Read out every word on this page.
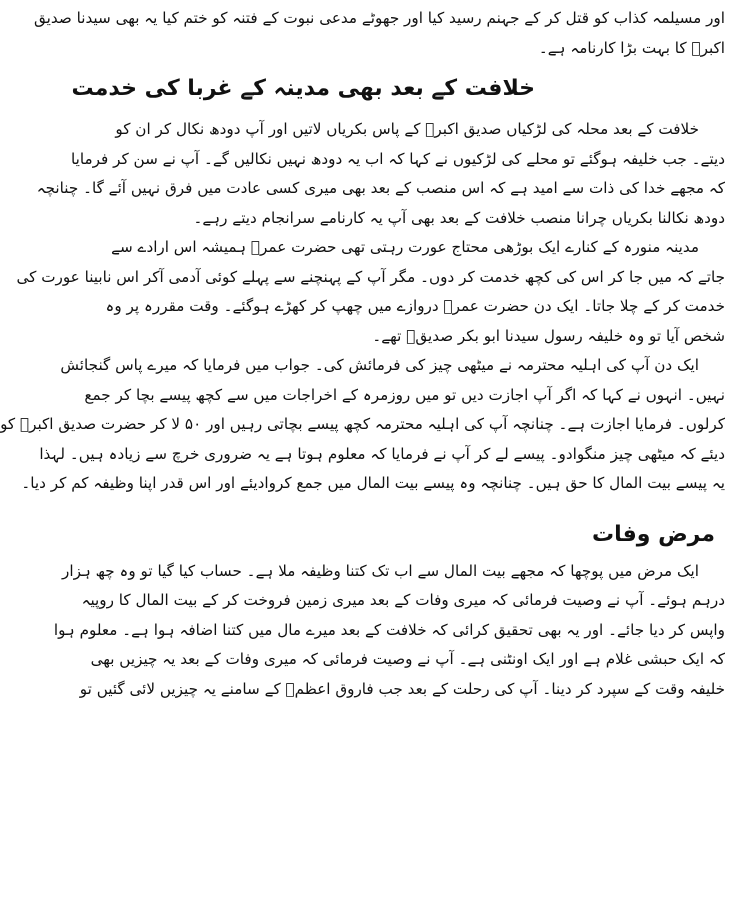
اور مسیلمہ کذاب کو قتل کر کے جہنم رسید کیا اور جھوٹے مدعی نبوت کے فتنہ کو ختم کیا یہ بھی سیدنا صدیق
اکبرؓ کا بہت بڑا کارنامہ ہے۔
خلافت کے بعد بھی مدینہ کے غربا کی خدمت
خلافت کے بعد محلہ کی لڑکیاں صدیق اکبرؓ کے پاس بکریاں لاتیں اور آپ دودھ نکال کر ان کو
دیتے۔ جب خلیفہ ہوگئے تو محلے کی لڑکیوں نے کہا کہ اب یہ دودھ نہیں نکالیں گے۔ آپ نے سن کر فرمایا
کہ مجھے خدا کی ذات سے امید ہے کہ اس منصب کے بعد بھی میری کسی عادت میں فرق نہیں آئے گا۔ چنانچہ
دودھ نکالنا بکریاں چرانا منصب خلافت کے بعد بھی آپ یہ کارنامے سرانجام دیتے رہے۔
مدینہ منورہ کے کنارے ایک بوڑھی محتاج عورت رہتی تھی حضرت عمرؓ ہمیشہ اس ارادے سے
جاتے کہ میں جا کر اس کی کچھ خدمت کر دوں۔ مگر آپ کے پہنچنے سے پہلے کوئی آدمی آکر اس نابینا عورت کی
خدمت کر کے چلا جاتا۔ ایک دن حضرت عمرؓ دروازے میں چھپ کر کھڑے ہوگئے۔ وقت مقررہ پر وہ
شخص آیا تو وہ خلیفہ رسول سیدنا ابو بکر صدیقؓ تھے۔
ایک دن آپ کی اہلیہ محترمہ نے میٹھی چیز کی فرمائش کی۔ جواب میں فرمایا کہ میرے پاس گنجائش
نہیں۔ انہوں نے کہا کہ اگر آپ اجازت دیں تو میں روزمرہ کے اخراجات میں سے کچھ پیسے بچا کر جمع
کرلوں۔ فرمایا اجازت ہے۔ چنانچہ آپ کی اہلیہ محترمہ کچھ پیسے بچاتی رہیں اور ۵۰ لا کر حضرت صدیق اکبرؓ کو
دیئے کہ میٹھی چیز منگوادو۔ پیسے لے کر آپ نے فرمایا کہ معلوم ہوتا ہے یہ ضروری خرچ سے زیادہ ہیں۔ لہذا
یہ پیسے بیت المال کا حق ہیں۔ چنانچہ وہ پیسے بیت المال میں جمع کروادیئے اور اس قدر اپنا وظیفہ کم کر دیا۔
مرض وفات
ایک مرض میں پوچھا کہ مجھے بیت المال سے اب تک کتنا وظیفہ ملا ہے۔ حساب کیا گیا تو وہ چھ ہزار
درہم ہوئے۔ آپ نے وصیت فرمائی کہ میری وفات کے بعد میری زمین فروخت کر کے بیت المال کا روپیہ
واپس کر دیا جائے۔ اور یہ بھی تحقیق کرائی کہ خلافت کے بعد میرے مال میں کتنا اضافہ ہوا ہے۔ معلوم ہوا
کہ ایک حبشی غلام ہے اور ایک اونٹنی ہے۔ آپ نے وصیت فرمائی کہ میری وفات کے بعد یہ چیزیں بھی
خلیفہ وقت کے سپرد کر دینا۔ آپ کی رحلت کے بعد جب فاروق اعظمؓ کے سامنے یہ چیزیں لائی گئیں تو
